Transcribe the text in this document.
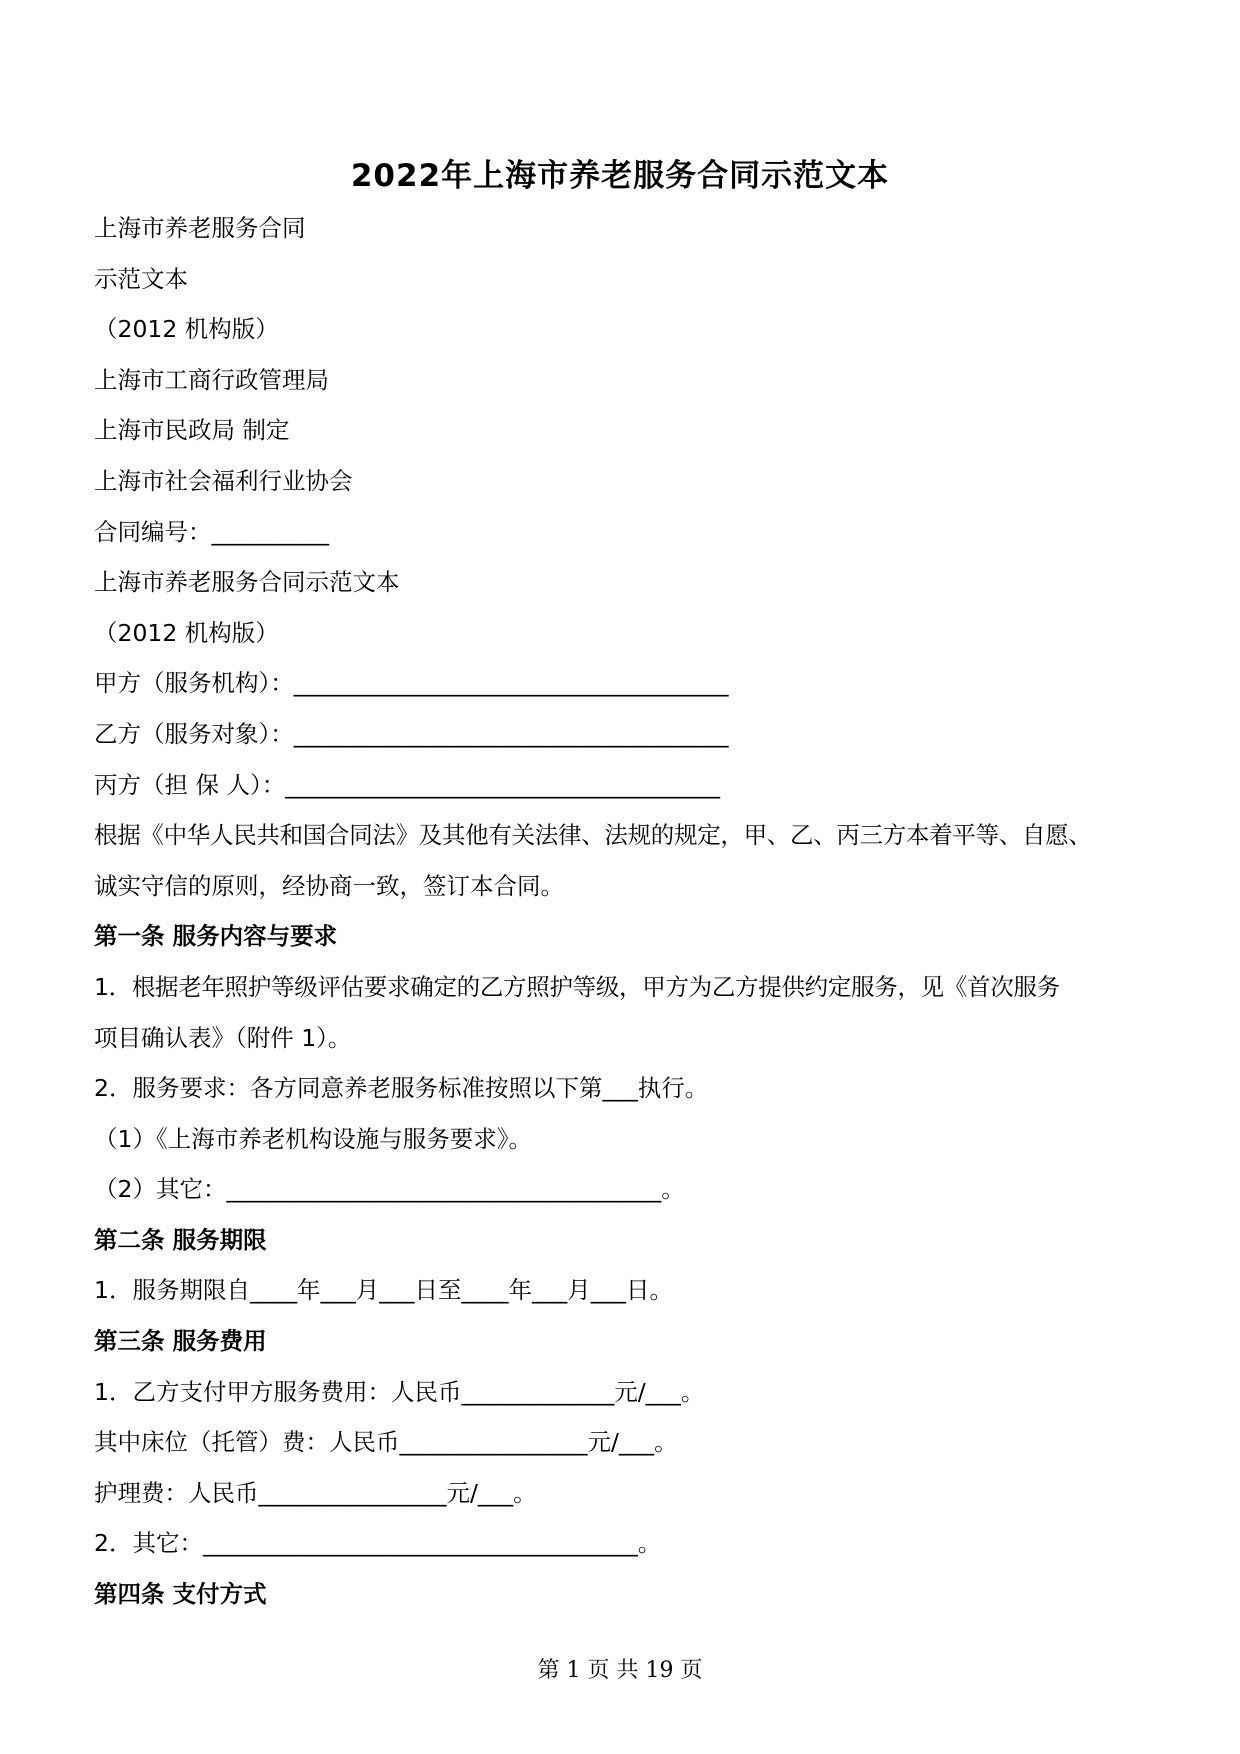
2022年上海市养老服务合同示范文本

上海市养老服务合同

示范文本

（2012 机构版）

上海市工商行政管理局

上海市民政局 制定

上海市社会福利行业协会

合同编号：__________

上海市养老服务合同示范文本

（2012 机构版）

甲方（服务机构）：_____________________________________

乙方（服务对象）：_____________________________________

丙方（担 保 人）：_____________________________________

根据《中华人民共和国合同法》及其他有关法律、法规的规定，甲、乙、丙三方本着平等、自愿、

诚实守信的原则，经协商一致，签订本合同。

第一条 服务内容与要求

1．根据老年照护等级评估要求确定的乙方照护等级，甲方为乙方提供约定服务，见《首次服务

项目确认表》（附件 1）。

2．服务要求：各方同意养老服务标准按照以下第___执行。

（1）《上海市养老机构设施与服务要求》。

（2）其它：_____________________________________。

第二条 服务期限

1．服务期限自____年___月___日至____年___月___日。

第三条 服务费用

1．乙方支付甲方服务费用：人民币_____________元/___。

其中床位（托管）费：人民币________________元/___。

护理费：人民币________________元/___。

2．其它：_____________________________________。

第四条 支付方式

第 1 页 共 19 页
